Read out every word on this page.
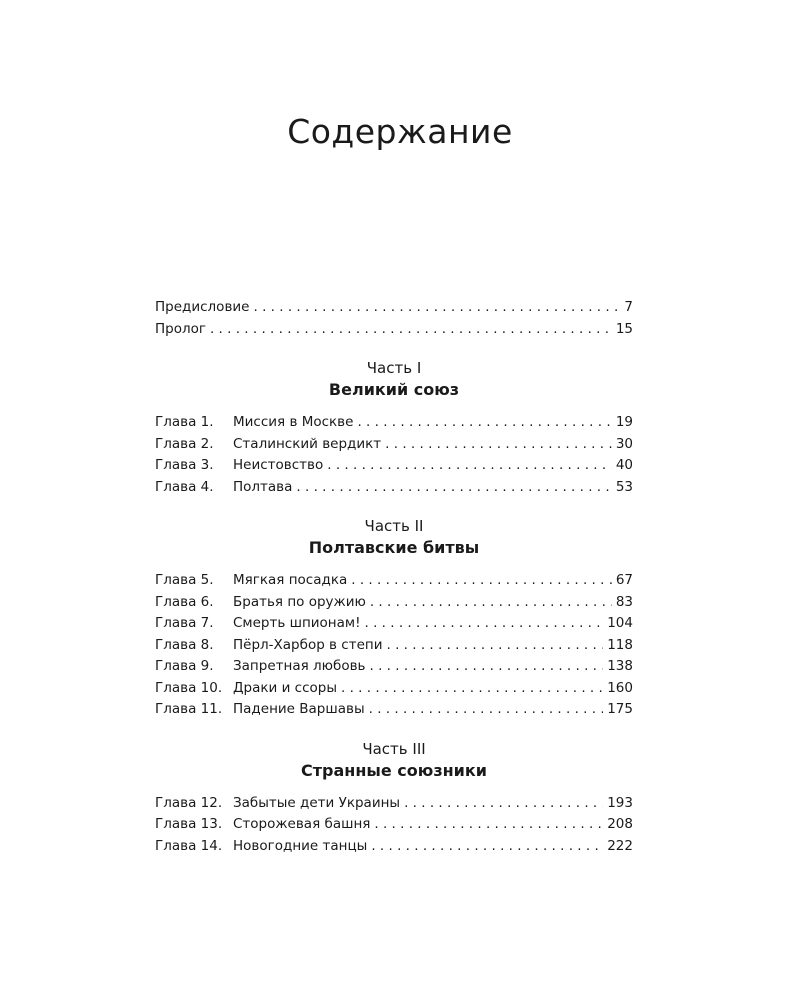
Содержание
Предисловие . . .	7
Пролог . . .	15
Часть I
Великий союз
Глава 1.	Миссия в Москве . . .	19
Глава 2.	Сталинский вердикт . . .	30
Глава 3.	Неистовство . . .	40
Глава 4.	Полтава . . .	53
Часть II
Полтавские битвы
Глава 5.	Мягкая посадка . . .	67
Глава 6.	Братья по оружию . . .	83
Глава 7.	Смерть шпионам! . . .	104
Глава 8.	Пёрл-Харбор в степи . . .	118
Глава 9.	Запретная любовь . . .	138
Глава 10. Драки и ссоры . . .	160
Глава 11. Падение Варшавы . . .	175
Часть III
Странные союзники
Глава 12. Забытые дети Украины . . .	193
Глава 13. Сторожевая башня . . .	208
Глава 14. Новогодние танцы . . .	222
